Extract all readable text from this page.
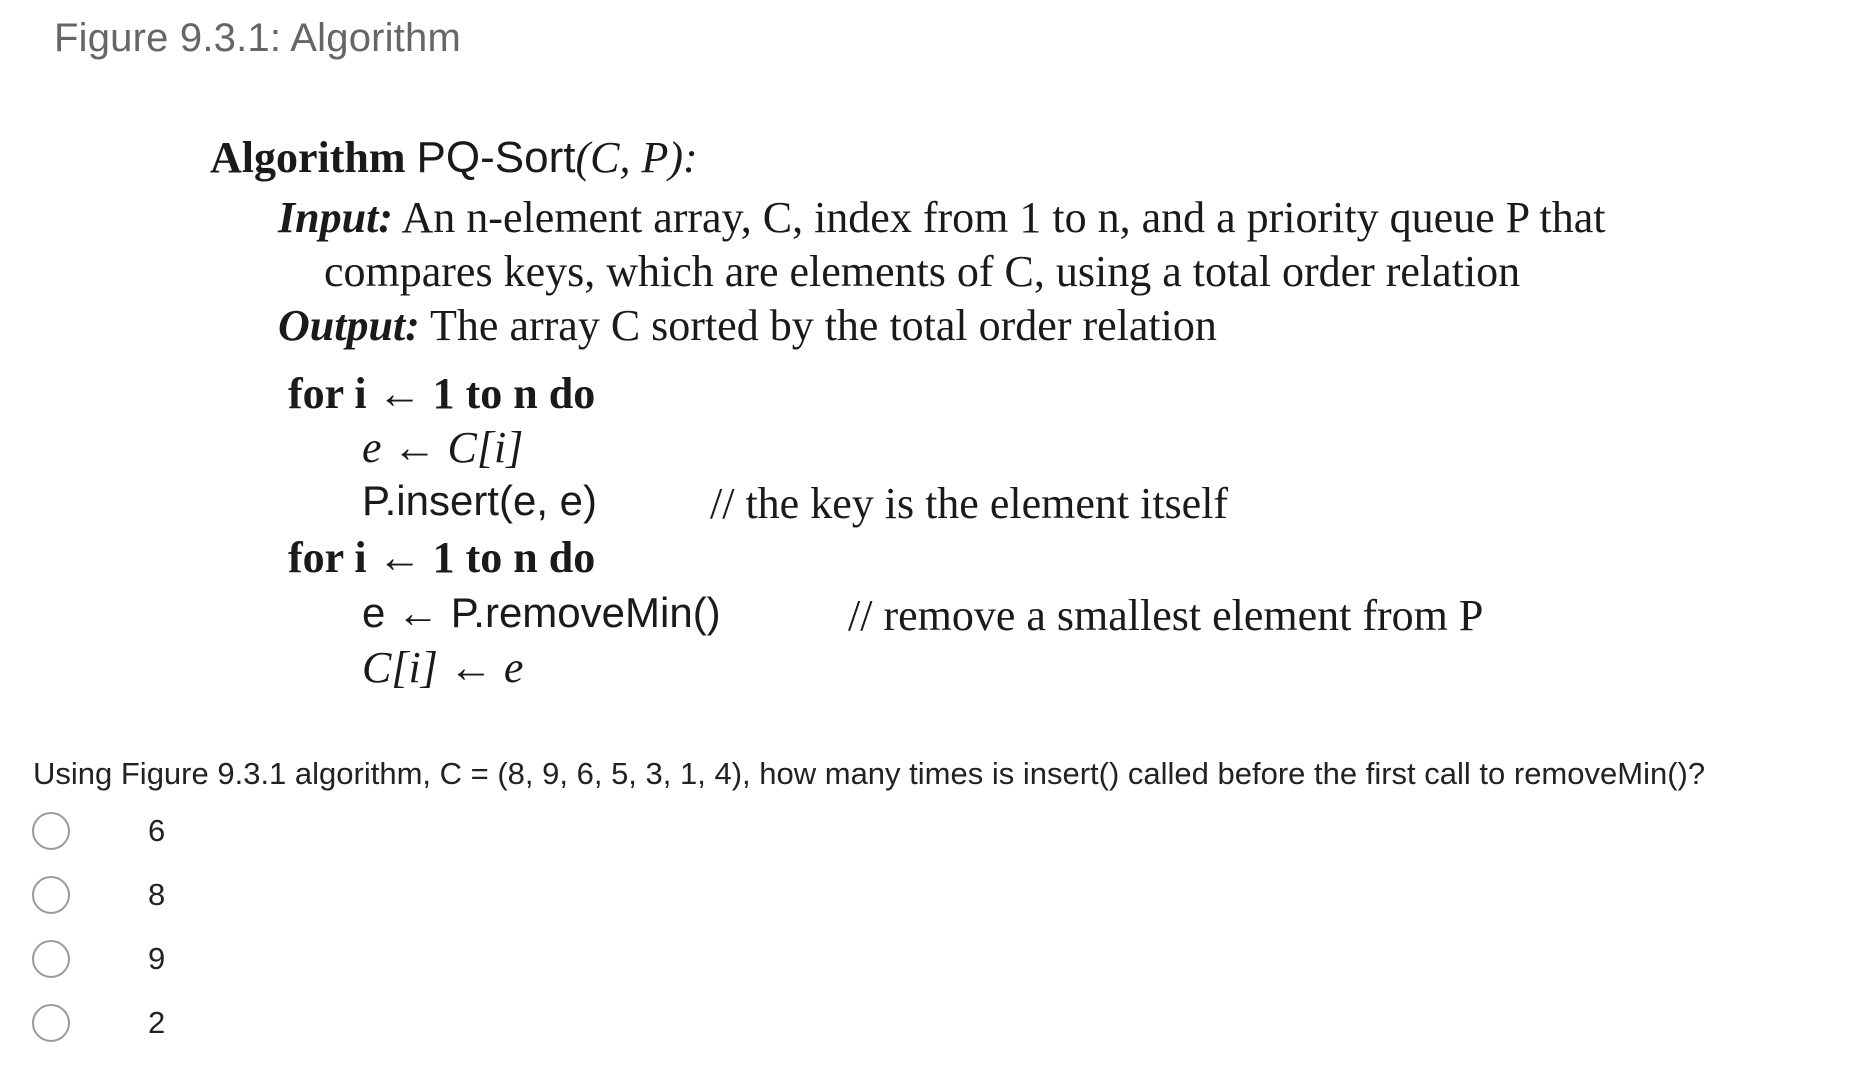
Figure 9.3.1: Algorithm
Algorithm PQ-Sort(C, P):
Input: An n-element array, C, index from 1 to n, and a priority queue P that
compares keys, which are elements of C, using a total order relation
Output: The array C sorted by the total order relation
for i ← 1 to n do
e ← C[i]
P.insert(e, e)	// the key is the element itself
for i ← 1 to n do
e ← P.removeMin()	// remove a smallest element from P
C[i] ← e
Using Figure 9.3.1 algorithm, C = (8, 9, 6, 5, 3, 1, 4), how many times is insert() called before the first call to removeMin()?
6
8
9
2
